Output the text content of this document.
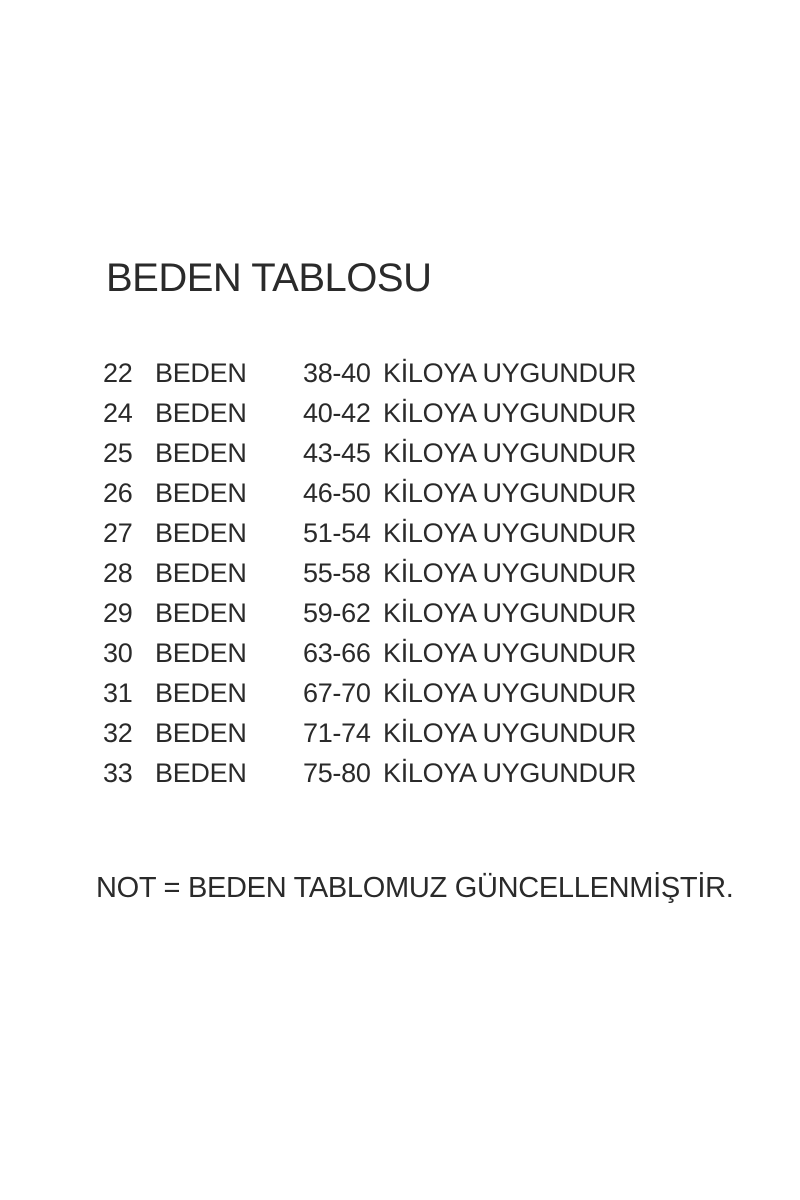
BEDEN TABLOSU
22 BEDEN	38-40 KİLOYA UYGUNDUR
24 BEDEN	40-42 KİLOYA UYGUNDUR
25 BEDEN	43-45 KİLOYA UYGUNDUR
26 BEDEN	46-50 KİLOYA UYGUNDUR
27 BEDEN	51-54 KİLOYA UYGUNDUR
28 BEDEN	55-58 KİLOYA UYGUNDUR
29 BEDEN	59-62 KİLOYA UYGUNDUR
30 BEDEN	63-66 KİLOYA UYGUNDUR
31 BEDEN	67-70 KİLOYA UYGUNDUR
32 BEDEN	71-74 KİLOYA UYGUNDUR
33 BEDEN	75-80 KİLOYA UYGUNDUR
NOT = BEDEN TABLOMUZ GÜNCELLENMİŞTİR.
